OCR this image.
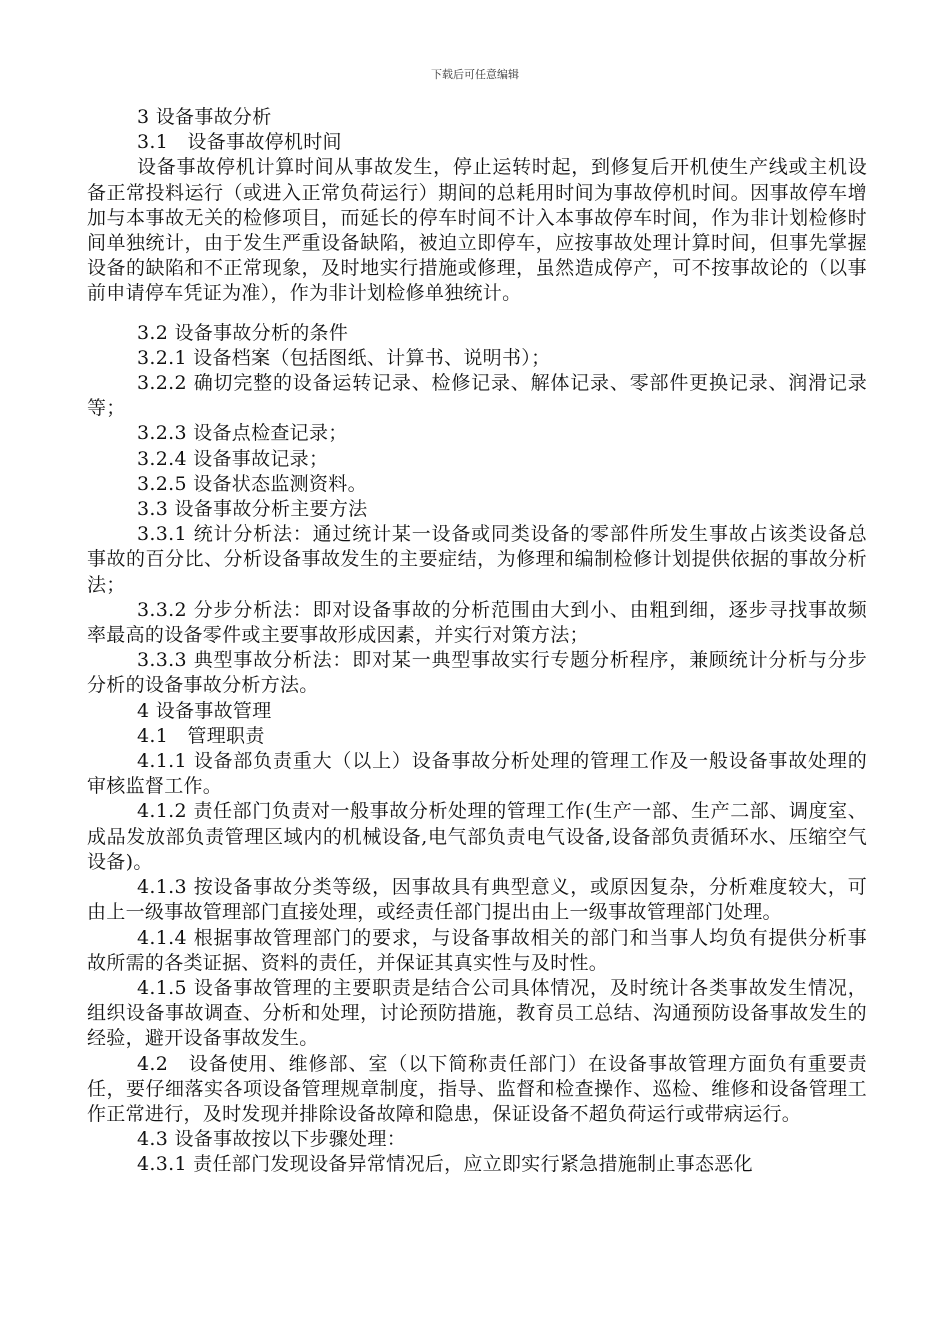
下载后可任意编辑

3 设备事故分析

3.1　设备事故停机时间

设备事故停机计算时间从事故发生，停止运转时起，到修复后开机使生产线或主机设备正常投料运行（或进入正常负荷运行）期间的总耗用时间为事故停机时间。因事故停车增加与本事故无关的检修项目，而延长的停车时间不计入本事故停车时间，作为非计划检修时间单独统计，由于发生严重设备缺陷，被迫立即停车，应按事故处理计算时间，但事先掌握设备的缺陷和不正常现象，及时地实行措施或修理，虽然造成停产，可不按事故论的（以事前申请停车凭证为准），作为非计划检修单独统计。

3.2 设备事故分析的条件

3.2.1 设备档案（包括图纸、计算书、说明书）；

3.2.2 确切完整的设备运转记录、检修记录、解体记录、零部件更换记录、润滑记录等；

3.2.3 设备点检查记录；

3.2.4 设备事故记录；

3.2.5 设备状态监测资料。

3.3 设备事故分析主要方法

3.3.1 统计分析法：通过统计某一设备或同类设备的零部件所发生事故占该类设备总事故的百分比、分析设备事故发生的主要症结，为修理和编制检修计划提供依据的事故分析法；

3.3.2 分步分析法：即对设备事故的分析范围由大到小、由粗到细，逐步寻找事故频率最高的设备零件或主要事故形成因素，并实行对策方法；

3.3.3 典型事故分析法：即对某一典型事故实行专题分析程序，兼顾统计分析与分步分析的设备事故分析方法。

4 设备事故管理

4.1　管理职责

4.1.1 设备部负责重大（以上）设备事故分析处理的管理工作及一般设备事故处理的审核监督工作。

4.1.2 责任部门负责对一般事故分析处理的管理工作(生产一部、生产二部、调度室、成品发放部负责管理区域内的机械设备,电气部负责电气设备,设备部负责循环水、压缩空气设备)。

4.1.3 按设备事故分类等级，因事故具有典型意义，或原因复杂，分析难度较大，可由上一级事故管理部门直接处理，或经责任部门提出由上一级事故管理部门处理。

4.1.4 根据事故管理部门的要求，与设备事故相关的部门和当事人均负有提供分析事故所需的各类证据、资料的责任，并保证其真实性与及时性。

4.1.5 设备事故管理的主要职责是结合公司具体情况，及时统计各类事故发生情况，组织设备事故调查、分析和处理，讨论预防措施，教育员工总结、沟通预防设备事故发生的经验，避开设备事故发生。

4.2　设备使用、维修部、室（以下简称责任部门）在设备事故管理方面负有重要责任，要仔细落实各项设备管理规章制度，指导、监督和检查操作、巡检、维修和设备管理工作正常进行，及时发现并排除设备故障和隐患，保证设备不超负荷运行或带病运行。

4.3 设备事故按以下步骤处理：

4.3.1 责任部门发现设备异常情况后，应立即实行紧急措施制止事态恶化
